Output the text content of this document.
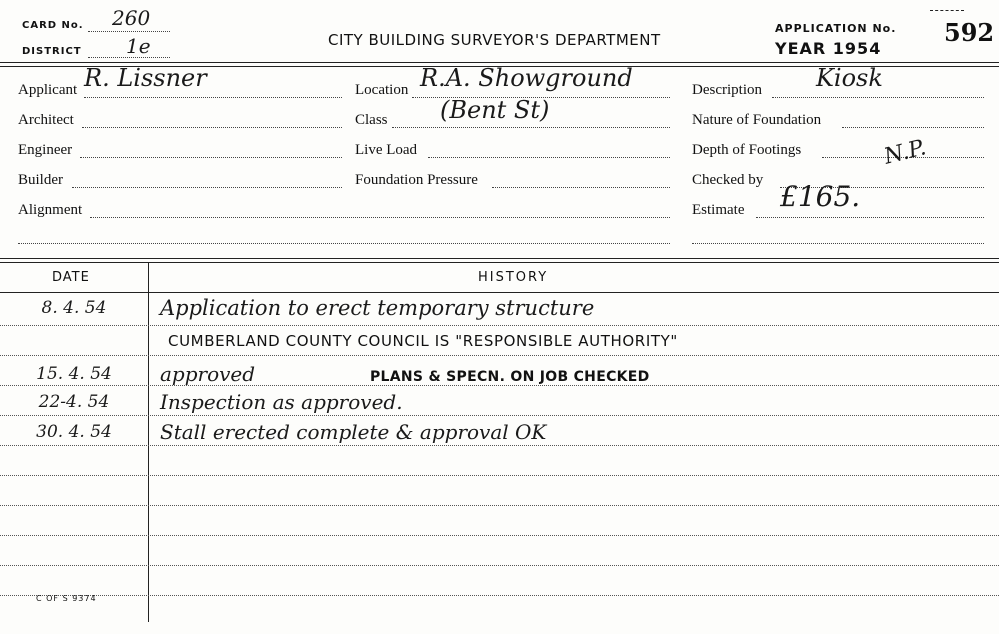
CARD No. 260
DISTRICT 1e	CITY BUILDING SURVEYOR'S DEPARTMENT
APPLICATION No.
YEAR 1954
592
Applicant R. Lissner
Architect
Engineer
Builder
Alignment
Location R.A. Showground
Class (Bent St)
Live Load
Foundation Pressure
Description Kiosk
Nature of Foundation
Depth of Footings	N.P.
Checked by
Estimate £165.
DATE	HISTORY
8. 4. 54	Application to erect temporary structure
CUMBERLAND COUNTY COUNCIL IS "RESPONSIBLE AUTHORITY"
15. 4. 54	approved	PLANS & SPECN. ON JOB CHECKED
22-4. 54	Inspection as approved.
30. 4. 54	Stall erected complete & approval OK
C OF S 9374
